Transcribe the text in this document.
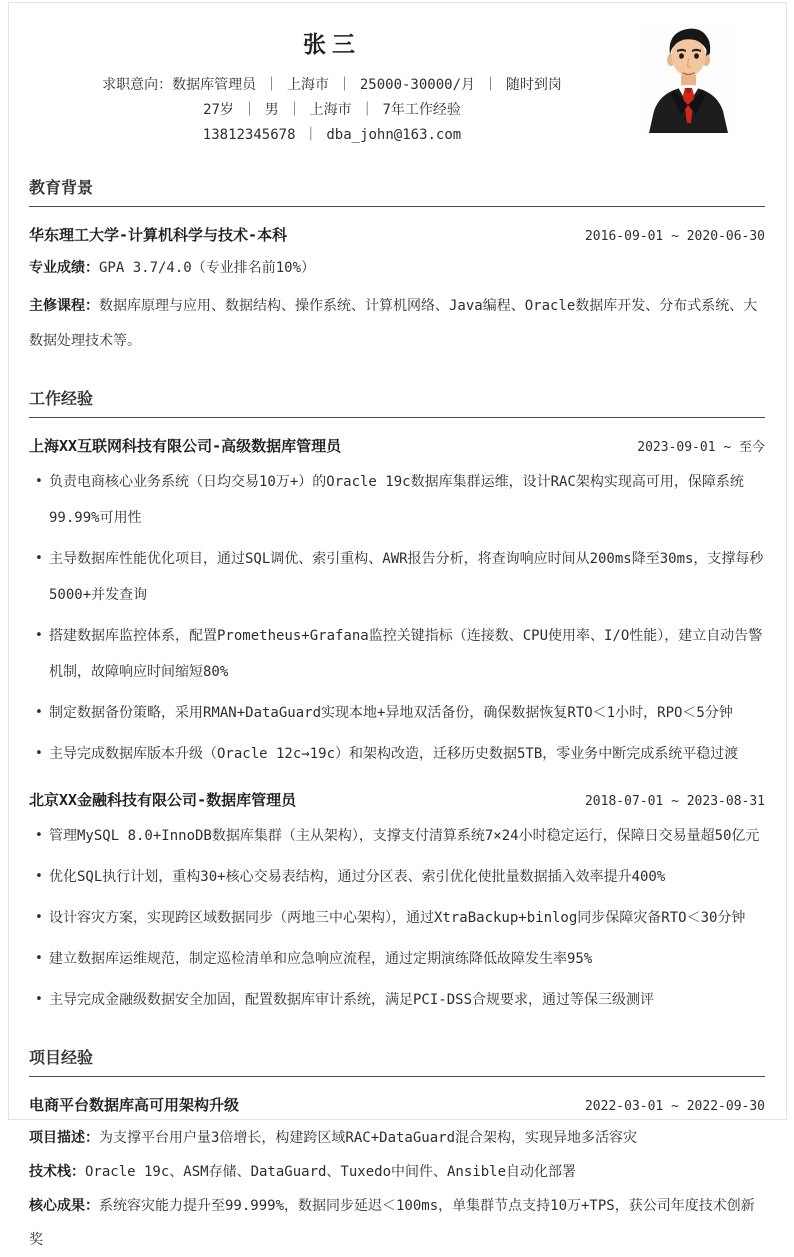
张三
求职意向：数据库管理员 ｜ 上海市 ｜ 25000-30000/月 ｜ 随时到岗
27岁 ｜ 男 ｜ 上海市 ｜ 7年工作经验
13812345678 ｜ dba_john@163.com
教育背景
华东理工大学-计算机科学与技术-本科	2016-09-01 ~ 2020-06-30
专业成绩：GPA 3.7/4.0（专业排名前10%）
主修课程：数据库原理与应用、数据结构、操作系统、计算机网络、Java编程、Oracle数据库开发、分布式系统、大数据处理技术等。
工作经验
上海XX互联网科技有限公司-高级数据库管理员	2023-09-01 ~ 至今
• 负责电商核心业务系统（日均交易10万+）的Oracle 19c数据库集群运维，设计RAC架构实现高可用，保障系统99.99%可用性
• 主导数据库性能优化项目，通过SQL调优、索引重构、AWR报告分析，将查询响应时间从200ms降至30ms，支撑每秒5000+并发查询
• 搭建数据库监控体系，配置Prometheus+Grafana监控关键指标（连接数、CPU使用率、I/O性能），建立自动告警机制，故障响应时间缩短80%
• 制定数据备份策略，采用RMAN+DataGuard实现本地+异地双活备份，确保数据恢复RTO＜1小时，RPO＜5分钟
• 主导完成数据库版本升级（Oracle 12c→19c）和架构改造，迁移历史数据5TB，零业务中断完成系统平稳过渡
北京XX金融科技有限公司-数据库管理员	2018-07-01 ~ 2023-08-31
• 管理MySQL 8.0+InnoDB数据库集群（主从架构），支撑支付清算系统7×24小时稳定运行，保障日交易量超50亿元
• 优化SQL执行计划，重构30+核心交易表结构，通过分区表、索引优化使批量数据插入效率提升400%
• 设计容灾方案，实现跨区域数据同步（两地三中心架构），通过XtraBackup+binlog同步保障灾备RTO＜30分钟
• 建立数据库运维规范，制定巡检清单和应急响应流程，通过定期演练降低故障发生率95%
• 主导完成金融级数据安全加固，配置数据库审计系统，满足PCI-DSS合规要求，通过等保三级测评
项目经验
电商平台数据库高可用架构升级	2022-03-01 ~ 2022-09-30
项目描述：为支撑平台用户量3倍增长，构建跨区域RAC+DataGuard混合架构，实现异地多活容灾
技术栈：Oracle 19c、ASM存储、DataGuard、Tuxedo中间件、Ansible自动化部署
核心成果：系统容灾能力提升至99.999%，数据同步延迟＜100ms，单集群节点支持10万+TPS，获公司年度技术创新奖
